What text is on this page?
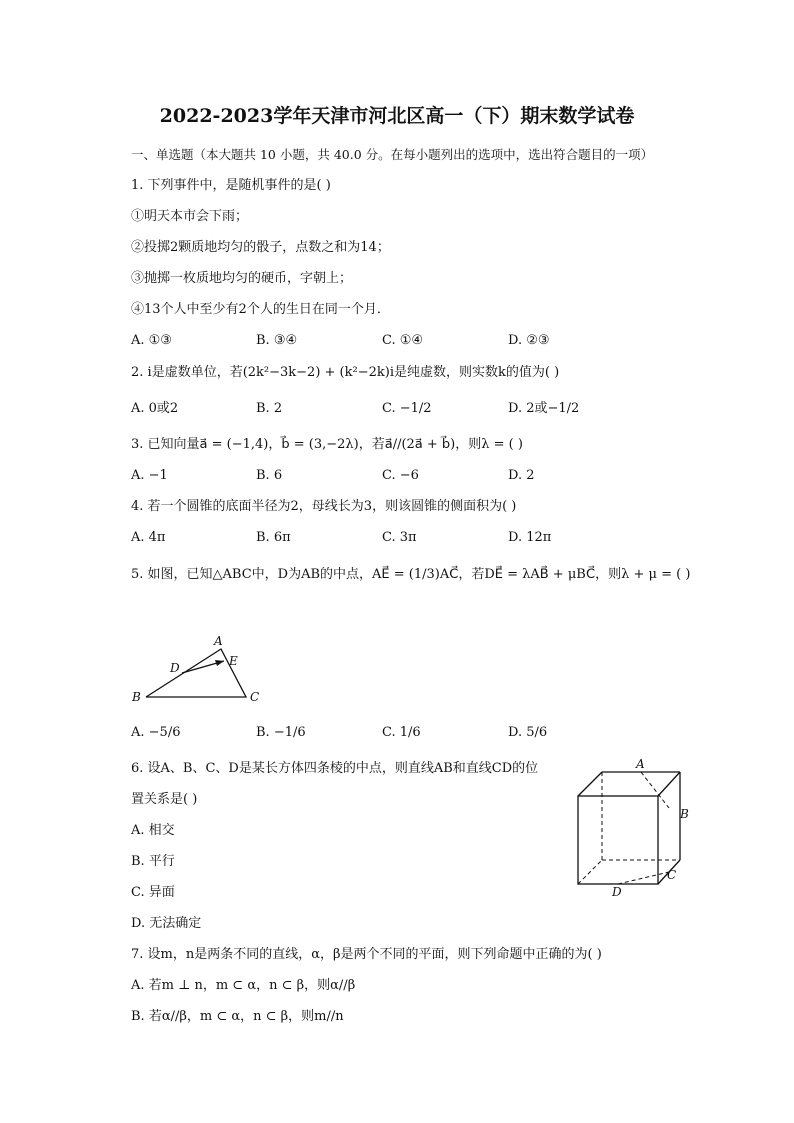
2022-2023学年天津市河北区高一（下）期末数学试卷
一、单选题（本大题共 10 小题，共 40.0 分。在每小题列出的选项中，选出符合题目的一项）
1. 下列事件中，是随机事件的是( )
①明天本市会下雨；
②投掷2颗质地均匀的骰子，点数之和为14；
③抛掷一枚质地均匀的硬币，字朝上；
④13个人中至少有2个人的生日在同一个月．
A. ①③	B. ③④	C. ①④	D. ②③
2. i是虚数单位，若(2k²−3k−2) + (k²−2k)i是纯虚数，则实数k的值为( )
A. 0或2	B. 2	C. −1/2	D. 2或−1/2
3. 已知向量a⃗ = (−1,4)，b⃗ = (3,−2λ)，若a⃗//(2a⃗ + b⃗)，则λ = ( )
A. −1	B. 6	C. −6	D. 2
4. 若一个圆锥的底面半径为2，母线长为3，则该圆锥的侧面积为( )
A. 4π	B. 6π	C. 3π	D. 12π
5. 如图，已知△ABC中，D为AB的中点，AE⃗ = (1/3)AC⃗，若DE⃗ = λAB⃗ + μBC⃗，则λ + μ = ( )
A
B	C
D	E
A. −5/6	B. −1/6	C. 1/6	D. 5/6
6. 设A、B、C、D是某长方体四条棱的中点，则直线AB和直线CD的位
置关系是( )
A. 相交
B. 平行
C. 异面
D. 无法确定
A
B
C
D
7. 设m，n是两条不同的直线，α，β是两个不同的平面，则下列命题中正确的为( )
A. 若m ⊥ n，m ⊂ α，n ⊂ β，则α//β
B. 若α//β，m ⊂ α，n ⊂ β，则m//n
